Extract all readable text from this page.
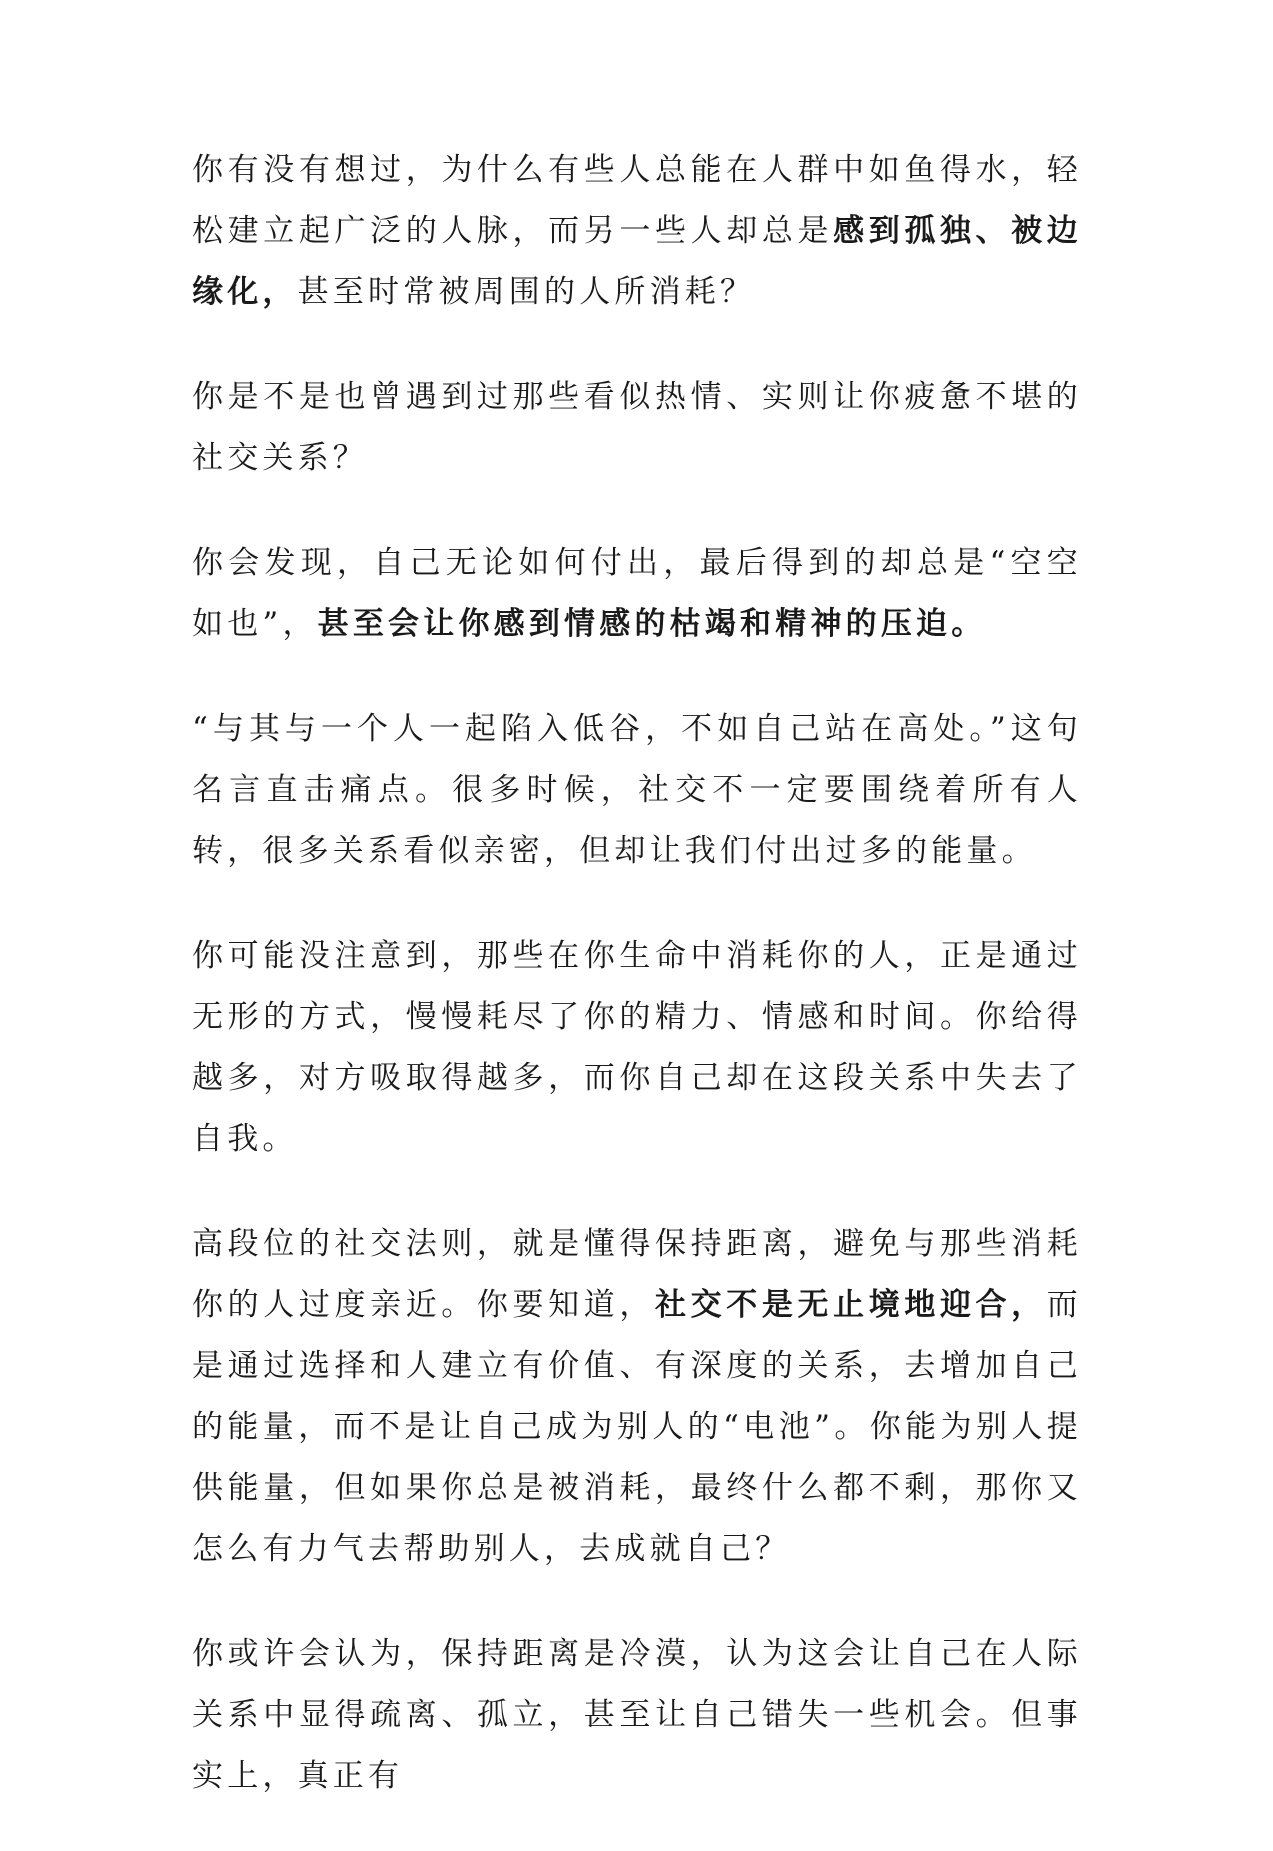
你有没有想过，为什么有些人总能在人群中如鱼得水，轻松建立起广泛的人脉，而另一些人却总是感到孤独、被边缘化，甚至时常被周围的人所消耗？

你是不是也曾遇到过那些看似热情、实则让你疲惫不堪的社交关系？

你会发现，自己无论如何付出，最后得到的却总是“空空如也”，甚至会让你感到情感的枯竭和精神的压迫。

“与其与一个人一起陷入低谷，不如自己站在高处。”这句名言直击痛点。很多时候，社交不一定要围绕着所有人转，很多关系看似亲密，但却让我们付出过多的能量。

你可能没注意到，那些在你生命中消耗你的人，正是通过无形的方式，慢慢耗尽了你的精力、情感和时间。你给得越多，对方吸取得越多，而你自己却在这段关系中失去了自我。

高段位的社交法则，就是懂得保持距离，避免与那些消耗你的人过度亲近。你要知道，社交不是无止境地迎合，而是通过选择和人建立有价值、有深度的关系，去增加自己的能量，而不是让自己成为别人的“电池”。你能为别人提供能量，但如果你总是被消耗，最终什么都不剩，那你又怎么有力气去帮助别人，去成就自己？

你或许会认为，保持距离是冷漠，认为这会让自己在人际关系中显得疏离、孤立，甚至让自己错失一些机会。但事实上，真正有
